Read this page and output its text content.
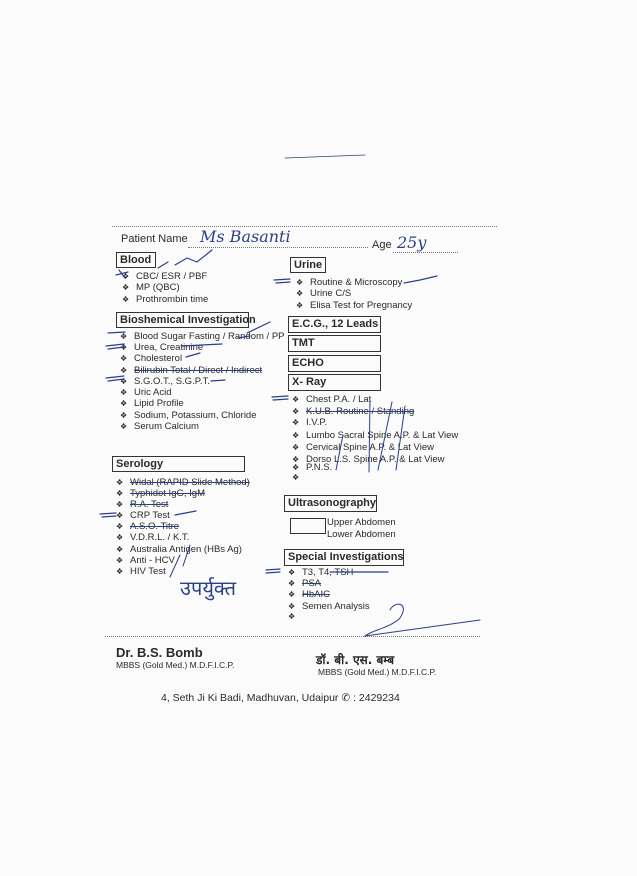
Patient Name Ms Basanti	Age 25y
Blood
❖ CBC/ ESR / PBF
❖ MP (QBC)
❖ Prothrombin time
Bioshemical Investigation
❖ Blood Sugar Fasting / Random / PP
❖ Urea, Creatinine
❖ Cholesterol
❖ Bilirubin Total / Direct / Indirect
❖ S.G.O.T., S.G.P.T.
❖ Uric Acid
❖ Lipid Profile
❖ Sodium, Potassium, Chloride
❖ Serum Calcium
Serology
❖ Widal (RAPID Slide Method)
❖ Typhidot IgG, IgM
❖ R.A. Test
❖ CRP Test
❖ A.S.O. Titre
❖ V.D.R.L. / K.T.
❖ Australia Antigen (HBs Ag)
❖ Anti - HCV
❖ HIV Test
Urine
❖ Routine & Microscopy
❖ Urine C/S
❖ Elisa Test for Pregnancy
E.C.G., 12 Leads
TMT
ECHO
X- Ray
❖ Chest P.A. / Lat
❖ K.U.B. Routine / Standing
❖ I.V.P.
❖ Lumbo Sacral Spine A.P. & Lat View
❖ Cervical Spine A.P. & Lat View
❖ Dorso L.S. Spine A.P. & Lat View
❖ P.N.S.
❖
Ultrasonography
Upper Abdomen
Lower Abdomen
Special Investigations
❖ T3, T4, TSH
❖ PSA
❖ HbAIC
❖ Semen Analysis
❖
उपर्युक्त
Dr. B.S. Bomb
MBBS (Gold Med.) M.D.F.I.C.P.	डॉ. बी. एस. बम्ब
MBBS (Gold Med.) M.D.F.I.C.P.
4, Seth Ji Ki Badi, Madhuvan, Udaipur ✆ : 2429234
